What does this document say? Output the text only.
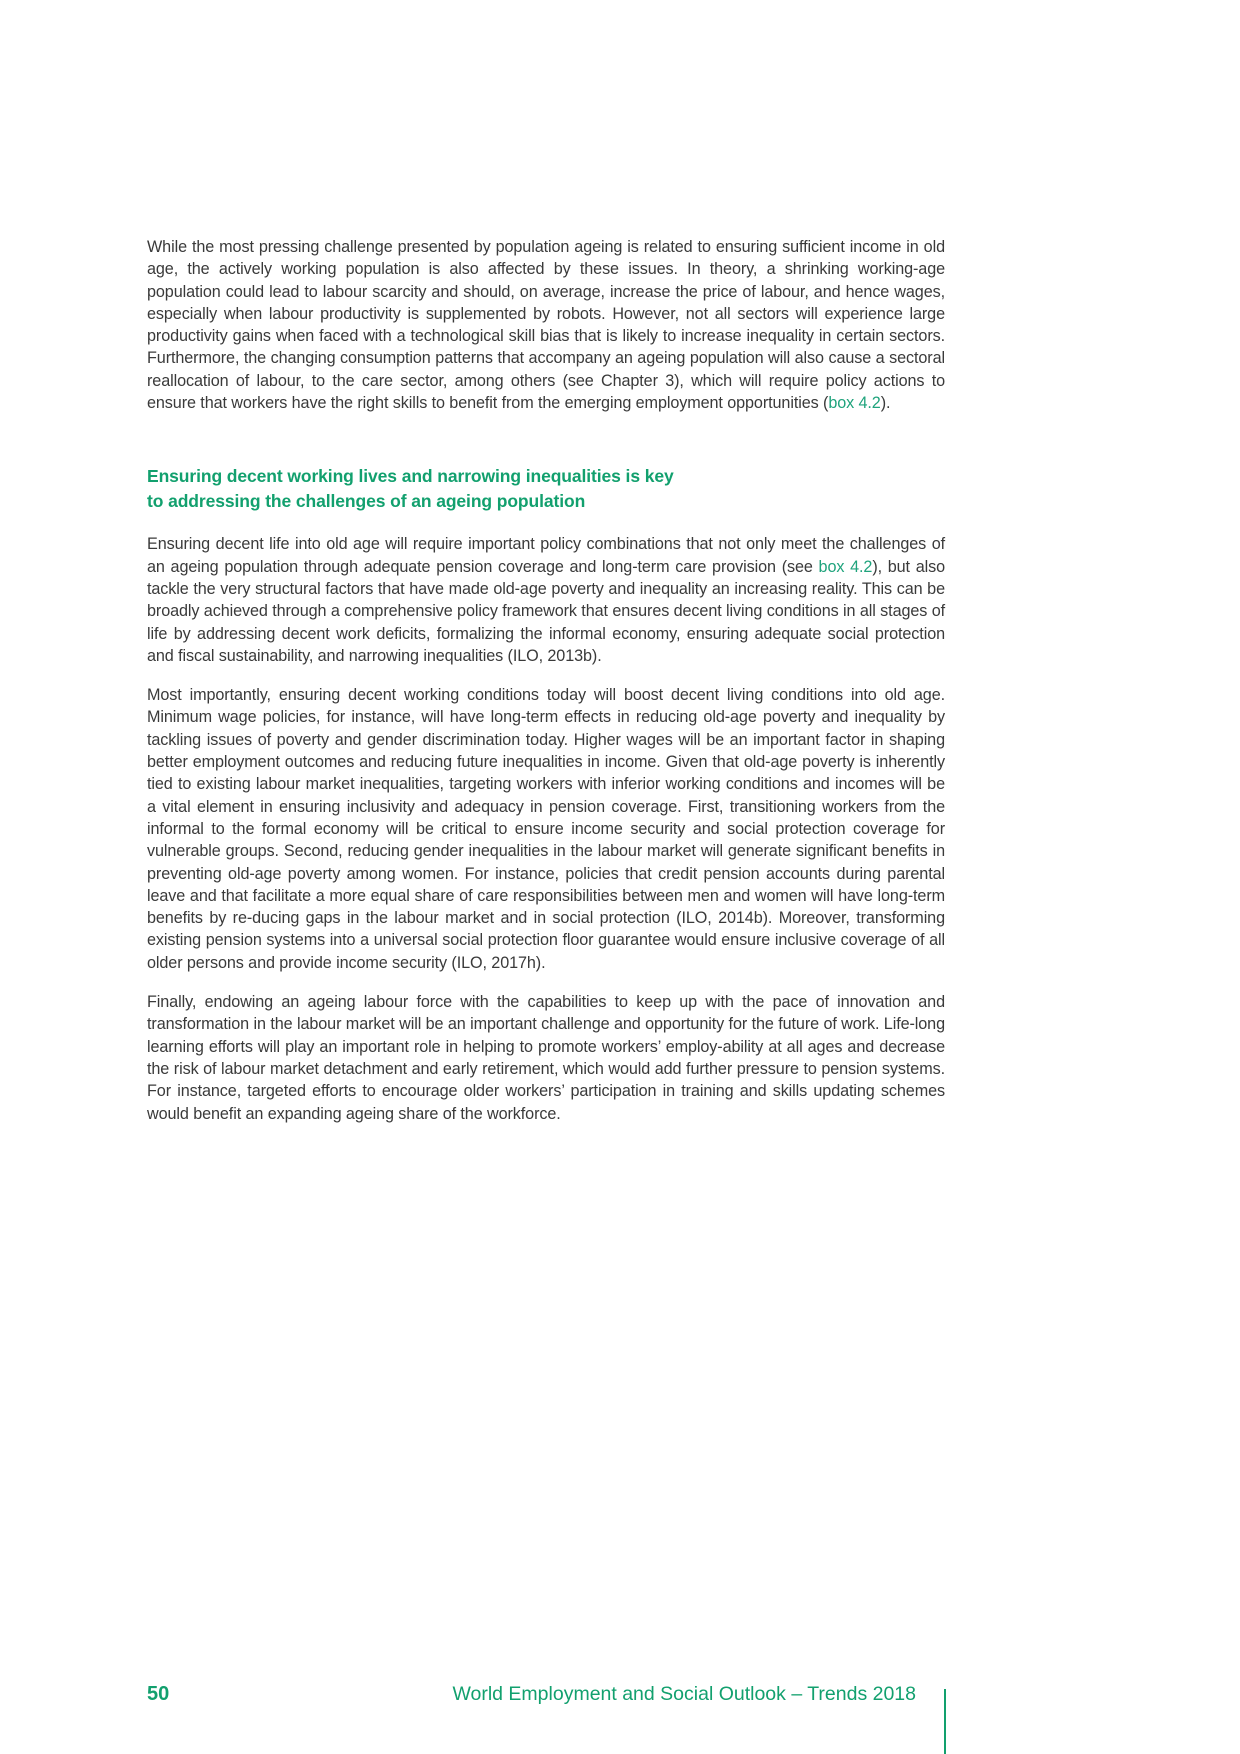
While the most pressing challenge presented by population ageing is related to ensuring sufficient income in old age, the actively working population is also affected by these issues. In theory, a shrinking working-age population could lead to labour scarcity and should, on average, increase the price of labour, and hence wages, especially when labour productivity is supplemented by robots. However, not all sectors will experience large productivity gains when faced with a technological skill bias that is likely to increase inequality in certain sectors. Furthermore, the changing consumption patterns that accompany an ageing population will also cause a sectoral reallocation of labour, to the care sector, among others (see Chapter 3), which will require policy actions to ensure that workers have the right skills to benefit from the emerging employment opportunities (box 4.2).

Ensuring decent working lives and narrowing inequalities is key
to addressing the challenges of an ageing population

Ensuring decent life into old age will require important policy combinations that not only meet the challenges of an ageing population through adequate pension coverage and long-term care provision (see box 4.2), but also tackle the very structural factors that have made old-age poverty and inequality an increasing reality. This can be broadly achieved through a comprehensive policy framework that ensures decent living conditions in all stages of life by addressing decent work deficits, formalizing the informal economy, ensuring adequate social protection and fiscal sustainability, and narrowing inequalities (ILO, 2013b).

Most importantly, ensuring decent working conditions today will boost decent living conditions into old age. Minimum wage policies, for instance, will have long-term effects in reducing old-age poverty and inequality by tackling issues of poverty and gender discrimination today. Higher wages will be an important factor in shaping better employment outcomes and reducing future inequalities in income. Given that old-age poverty is inherently tied to existing labour market inequalities, targeting workers with inferior working conditions and incomes will be a vital element in ensuring inclusivity and adequacy in pension coverage. First, transitioning workers from the informal to the formal economy will be critical to ensure income security and social protection coverage for vulnerable groups. Second, reducing gender inequalities in the labour market will generate significant benefits in preventing old-age poverty among women. For instance, policies that credit pension accounts during parental leave and that facilitate a more equal share of care responsibilities between men and women will have long-term benefits by re-ducing gaps in the labour market and in social protection (ILO, 2014b). Moreover, transforming existing pension systems into a universal social protection floor guarantee would ensure inclusive coverage of all older persons and provide income security (ILO, 2017h).

Finally, endowing an ageing labour force with the capabilities to keep up with the pace of innovation and transformation in the labour market will be an important challenge and opportunity for the future of work. Life-long learning efforts will play an important role in helping to promote workers’ employ-ability at all ages and decrease the risk of labour market detachment and early retirement, which would add further pressure to pension systems. For instance, targeted efforts to encourage older workers’ participation in training and skills updating schemes would benefit an expanding ageing share of the workforce.

50	World Employment and Social Outlook – Trends 2018
